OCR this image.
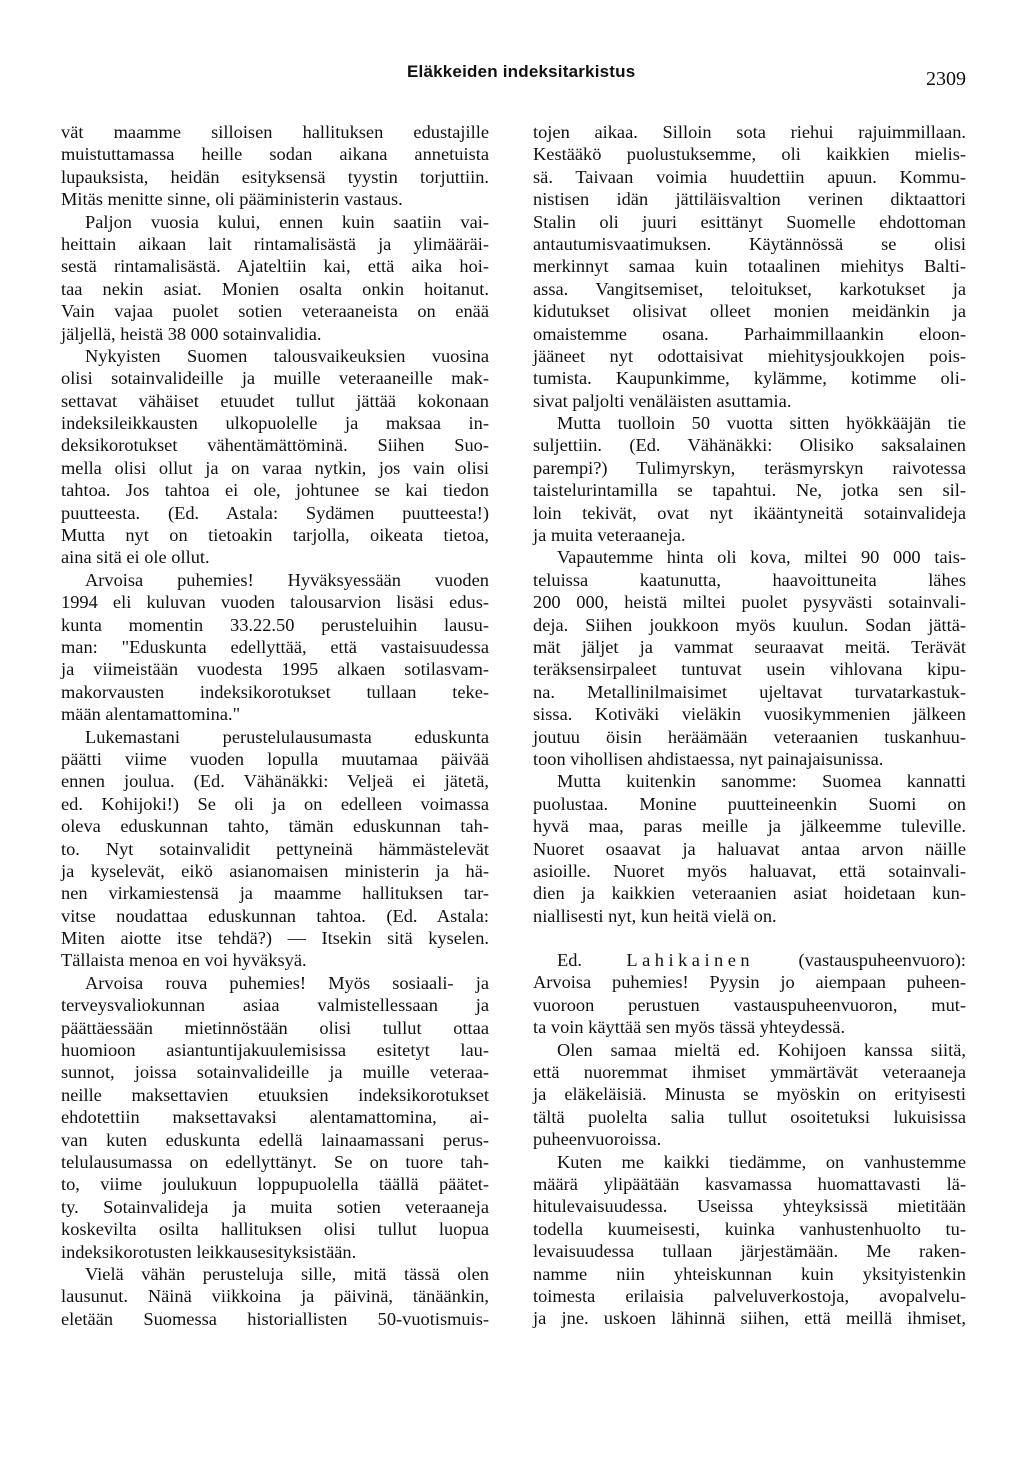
Eläkkeiden indeksitarkistus	2309
vät maamme silloisen hallituksen edustajille
muistuttamassa heille sodan aikana annetuista
lupauksista, heidän esityksensä tyystin torjuttiin.
Mitäs menitte sinne, oli pääministerin vastaus.
Paljon vuosia kului, ennen kuin saatiin vai-
heittain aikaan lait rintamalisästä ja ylimääräi-
sestä rintamalisästä. Ajateltiin kai, että aika hoi-
taa nekin asiat. Monien osalta onkin hoitanut.
Vain vajaa puolet sotien veteraaneista on enää
jäljellä, heistä 38 000 sotainvalidia.
Nykyisten Suomen talousvaikeuksien vuosina
olisi sotainvalideille ja muille veteraaneille mak-
settavat vähäiset etuudet tullut jättää kokonaan
indeksileikkausten ulkopuolelle ja maksaa in-
deksikorotukset vähentämättöminä. Siihen Suo-
mella olisi ollut ja on varaa nytkin, jos vain olisi
tahtoa. Jos tahtoa ei ole, johtunee se kai tiedon
puutteesta. (Ed. Astala: Sydämen puutteesta!)
Mutta nyt on tietoakin tarjolla, oikeata tietoa,
aina sitä ei ole ollut.
Arvoisa puhemies! Hyväksyessään vuoden
1994 eli kuluvan vuoden talousarvion lisäsi edus-
kunta momentin 33.22.50 perusteluihin lausu-
man: "Eduskunta edellyttää, että vastaisuudessa
ja viimeistään vuodesta 1995 alkaen sotilasvam-
makorvausten indeksikorotukset tullaan teke-
mään alentamattomina."
Lukemastani perustelulausumasta eduskunta
päätti viime vuoden lopulla muutamaa päivää
ennen joulua. (Ed. Vähänäkki: Veljeä ei jätetä,
ed. Kohijoki!) Se oli ja on edelleen voimassa
oleva eduskunnan tahto, tämän eduskunnan tah-
to. Nyt sotainvalidit pettyneinä hämmästelevät
ja kyselevät, eikö asianomaisen ministerin ja hä-
nen virkamiestensä ja maamme hallituksen tar-
vitse noudattaa eduskunnan tahtoa. (Ed. Astala:
Miten aiotte itse tehdä?) — Itsekin sitä kyselen.
Tällaista menoa en voi hyväksyä.
Arvoisa rouva puhemies! Myös sosiaali- ja
terveysvaliokunnan asiaa valmistellessaan ja
päättäessään mietinnöstään olisi tullut ottaa
huomioon asiantuntijakuulemisissa esitetyt lau-
sunnot, joissa sotainvalideille ja muille veteraa-
neille maksettavien etuuksien indeksikorotukset
ehdotettiin maksettavaksi alentamattomina, ai-
van kuten eduskunta edellä lainaamassani perus-
telulausumassa on edellyttänyt. Se on tuore tah-
to, viime joulukuun loppupuolella täällä päätet-
ty. Sotainvalideja ja muita sotien veteraaneja
koskevilta osilta hallituksen olisi tullut luopua
indeksikorotusten leikkausesityksistään.
Vielä vähän perusteluja sille, mitä tässä olen
lausunut. Näinä viikkoina ja päivinä, tänäänkin,
eletään Suomessa historiallisten 50-vuotismuis-
tojen aikaa. Silloin sota riehui rajuimmillaan.
Kestääkö puolustuksemme, oli kaikkien mielis-
sä. Taivaan voimia huudettiin apuun. Kommu-
nistisen idän jättiläisvaltion verinen diktaattori
Stalin oli juuri esittänyt Suomelle ehdottoman
antautumisvaatimuksen. Käytännössä se olisi
merkinnyt samaa kuin totaalinen miehitys Balti-
assa. Vangitsemiset, teloitukset, karkotukset ja
kidutukset olisivat olleet monien meidänkin ja
omaistemme osana. Parhaimmillaankin eloon-
jääneet nyt odottaisivat miehitysjoukkojen pois-
tumista. Kaupunkimme, kylämme, kotimme oli-
sivat paljolti venäläisten asuttamia.
Mutta tuolloin 50 vuotta sitten hyökkääjän tie
suljettiin. (Ed. Vähänäkki: Olisiko saksalainen
parempi?) Tulimyrskyn, teräsmyrskyn raivotessa
taistelurintamilla se tapahtui. Ne, jotka sen sil-
loin tekivät, ovat nyt ikääntyneitä sotainvalideja
ja muita veteraaneja.
Vapautemme hinta oli kova, miltei 90 000 tais-
teluissa kaatunutta, haavoittuneita lähes
200 000, heistä miltei puolet pysyvästi sotainvali-
deja. Siihen joukkoon myös kuulun. Sodan jättä-
mät jäljet ja vammat seuraavat meitä. Terävät
teräksensirpaleet tuntuvat usein vihlovana kipu-
na. Metallinilmaisimet ujeltavat turvatarkastuk-
sissa. Kotiväki vieläkin vuosikymmenien jälkeen
joutuu öisin heräämään veteraanien tuskanhuu-
toon vihollisen ahdistaessa, nyt painajaisunissa.
Mutta kuitenkin sanomme: Suomea kannatti
puolustaa. Monine puutteineenkin Suomi on
hyvä maa, paras meille ja jälkeemme tuleville.
Nuoret osaavat ja haluavat antaa arvon näille
asioille. Nuoret myös haluavat, että sotainvali-
dien ja kaikkien veteraanien asiat hoidetaan kun-
niallisesti nyt, kun heitä vielä on.
Ed. Lahikainen (vastauspuheenvuoro):
Arvoisa puhemies! Pyysin jo aiempaan puheen-
vuoroon perustuen vastauspuheenvuoron, mut-
ta voin käyttää sen myös tässä yhteydessä.
Olen samaa mieltä ed. Kohijoen kanssa siitä,
että nuoremmat ihmiset ymmärtävät veteraaneja
ja eläkeläisiä. Minusta se myöskin on erityisesti
tältä puolelta salia tullut osoitetuksi lukuisissa
puheenvuoroissa.
Kuten me kaikki tiedämme, on vanhustemme
määrä ylipäätään kasvamassa huomattavasti lä-
hitulevaisuudessa. Useissa yhteyksissä mietitään
todella kuumeisesti, kuinka vanhustenhuolto tu-
levaisuudessa tullaan järjestämään. Me raken-
namme niin yhteiskunnan kuin yksityistenkin
toimesta erilaisia palveluverkostoja, avopalvelu-
ja jne. uskoen lähinnä siihen, että meillä ihmiset,
